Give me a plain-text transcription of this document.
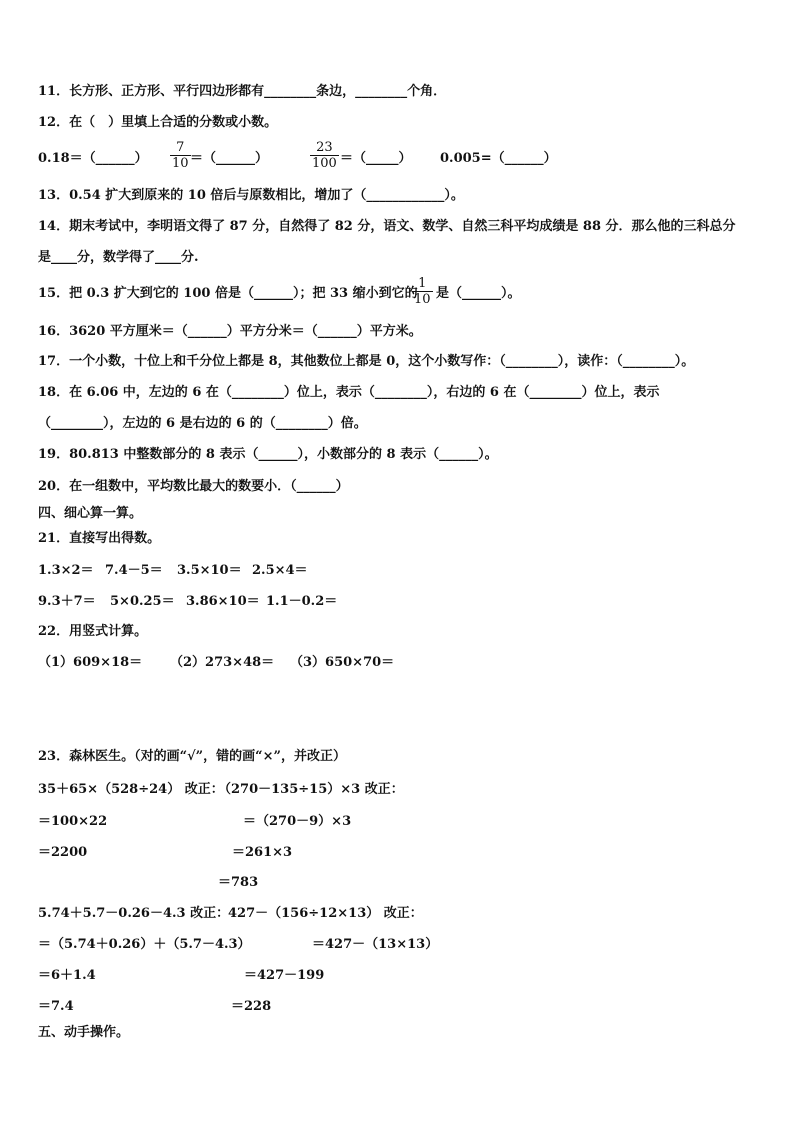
11．长方形、正方形、平行四边形都有________条边，________个角．
12．在（　）里填上合适的分数或小数。
0.18＝（______） $\frac{7}{10}$ ＝（______）	$\frac{23}{100}$ ＝（_____） 0.005=（______）
13．0.54 扩大到原来的 10 倍后与原数相比，增加了（____________）。
14．期末考试中，李明语文得了 87 分，自然得了 82 分，语文、数学、自然三科平均成绩是 88 分．那么他的三科总分
是____分，数学得了____分.
15．把 0.3 扩大到它的 100 倍是（______）；把 33 缩小到它的
$\frac{1}{10}$ 是（______）。
16．3620 平方厘米＝（______）平方分米＝（______）平方米。
17．一个小数，十位上和千分位上都是 8，其他数位上都是 0，这个小数写作：（________），读作：（________）。
18．在 6.06 中，左边的 6 在（________）位上，表示（________），右边的 6 在（________）位上，表示
（________），左边的 6 是右边的 6 的（________）倍。
19．80.813 中整数部分的 8 表示（______），小数部分的 8 表示（______）。
20．在一组数中，平均数比最大的数要小．（______）
四、细心算一算。
21．直接写出得数。
1.3×2＝ 7.4－5＝ 3.5×10＝ 2.5×4＝
9.3＋7＝ 5×0.25＝ 3.86×10＝ 1.1－0.2＝
22．用竖式计算。
（1）609×18＝ （2）273×48＝ （3）650×70＝
23．森林医生。（对的画“√”，错的画“×”，并改正）
35＋65×（528÷24） 改正：
＝100×22
＝2200
（270－135÷15）×3 改正：
＝（270－9）×3
＝261×3
＝783
5.74＋5.7－0.26－4.3 改正：
＝（5.74＋0.26）＋（5.7－4.3）
＝6＋1.4
＝7.4
427－（156÷12×13） 改正：
＝427－（13×13）
＝427－199
＝228
五、动手操作。
